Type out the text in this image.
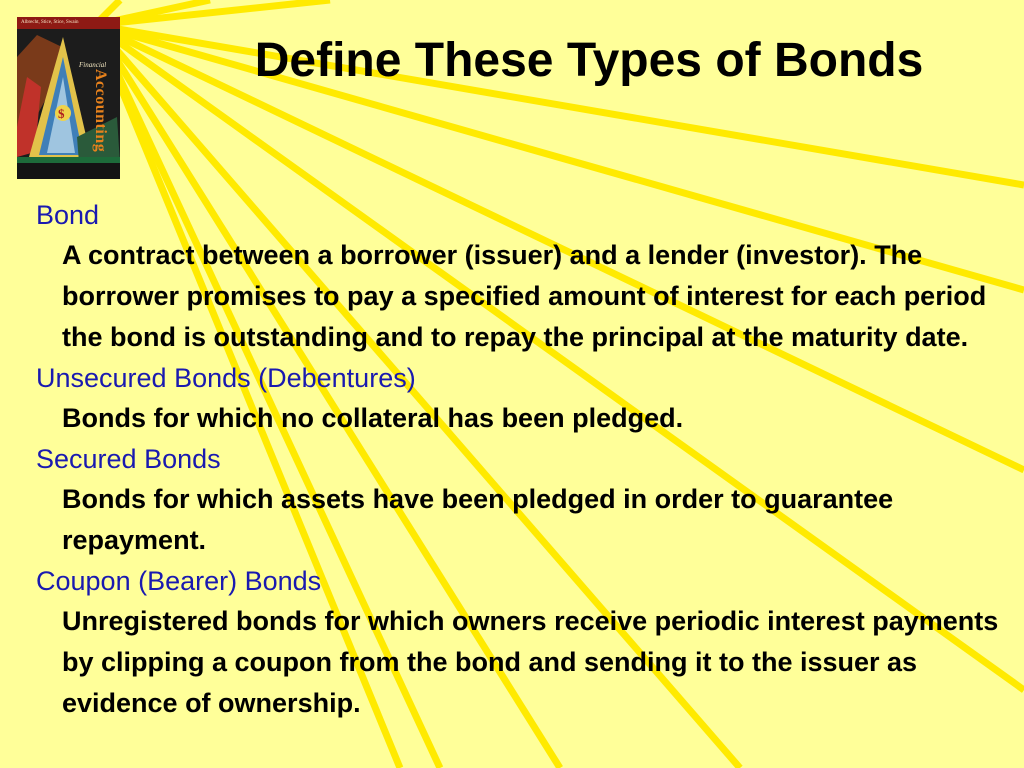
Albrecht, Stice, Stice, Swain
$
Financial
Accounting
Define These Types of Bonds
Bond
A contract between a borrower (issuer) and a lender (investor). The borrower promises to pay a specified amount of interest for each period the bond is outstanding and to repay the principal at the maturity date.
Unsecured Bonds (Debentures)
Bonds for which no collateral has been pledged.
Secured Bonds
Bonds for which assets have been pledged in order to guarantee repayment.
Coupon (Bearer) Bonds
Unregistered bonds for which owners receive periodic interest payments by clipping a coupon from the bond and sending it to the issuer as evidence of ownership.
